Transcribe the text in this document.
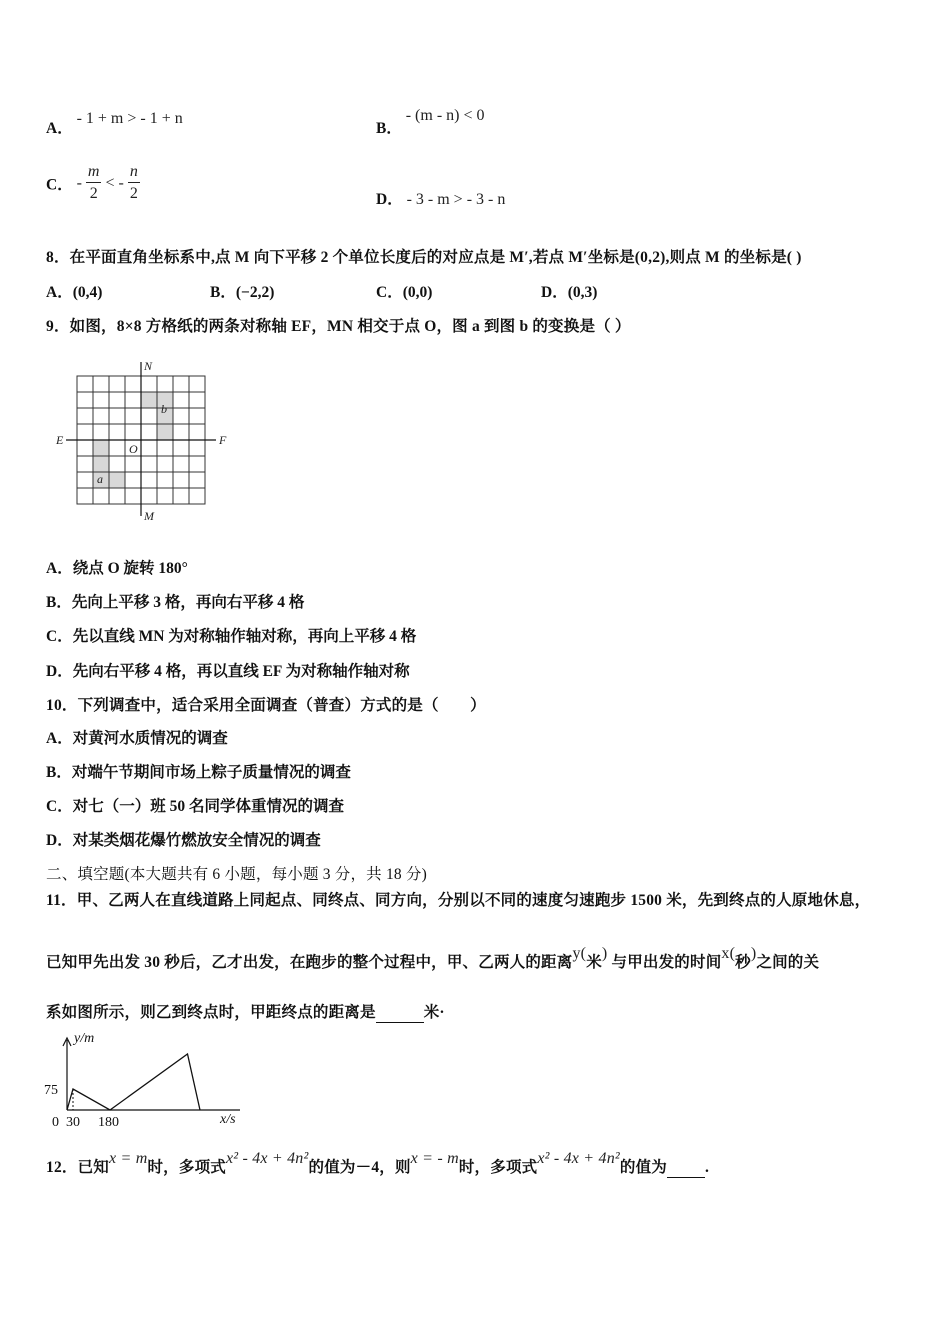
A． - 1 + m > - 1 + n
B． - (m - n) < 0
C． - $\frac{m}{2}$ < - $\frac{n}{2}$	D． - 3 - m > - 3 - n
8．在平面直角坐标系中,点 M 向下平移 2 个单位长度后的对应点是 M′,若点 M′坐标是(0,2),则点 M 的坐标是( )
A．(0,4)	B．(−2,2)	C．(0,0)	D．(0,3)
9．如图，8×8 方格纸的两条对称轴 EF，MN 相交于点 O，图 a 到图 b 的变换是（ ）
N
M
E	F
O
a
b
A．绕点 O 旋转 180°
B．先向上平移 3 格，再向右平移 4 格
C．先以直线 MN 为对称轴作轴对称，再向上平移 4 格
D．先向右平移 4 格，再以直线 EF 为对称轴作轴对称
10．下列调查中，适合采用全面调查（普查）方式的是（　　）
A．对黄河水质情况的调查
B．对端午节期间市场上粽子质量情况的调查
C．对七（一）班 50 名同学体重情况的调查
D．对某类烟花爆竹燃放安全情况的调查
二、填空题(本大题共有 6 小题，每小题 3 分，共 18 分)
11．甲、乙两人在直线道路上同起点、同终点、同方向，分别以不同的速度匀速跑步 1500 米，先到终点的人原地休息，
已知甲先出发 30 秒后，乙才出发，在跑步的整个过程中，甲、乙两人的距离y(米) 与甲出发的时间x(秒)之间的关
系如图所示，则乙到终点时，甲距终点的距离是	米·
y/m
x/s
75
0 30 180
12．已知x = m时，多项式x² - 4x + 4n²的值为－4，则x = - m时，多项式x² - 4x + 4n²的值为 .
